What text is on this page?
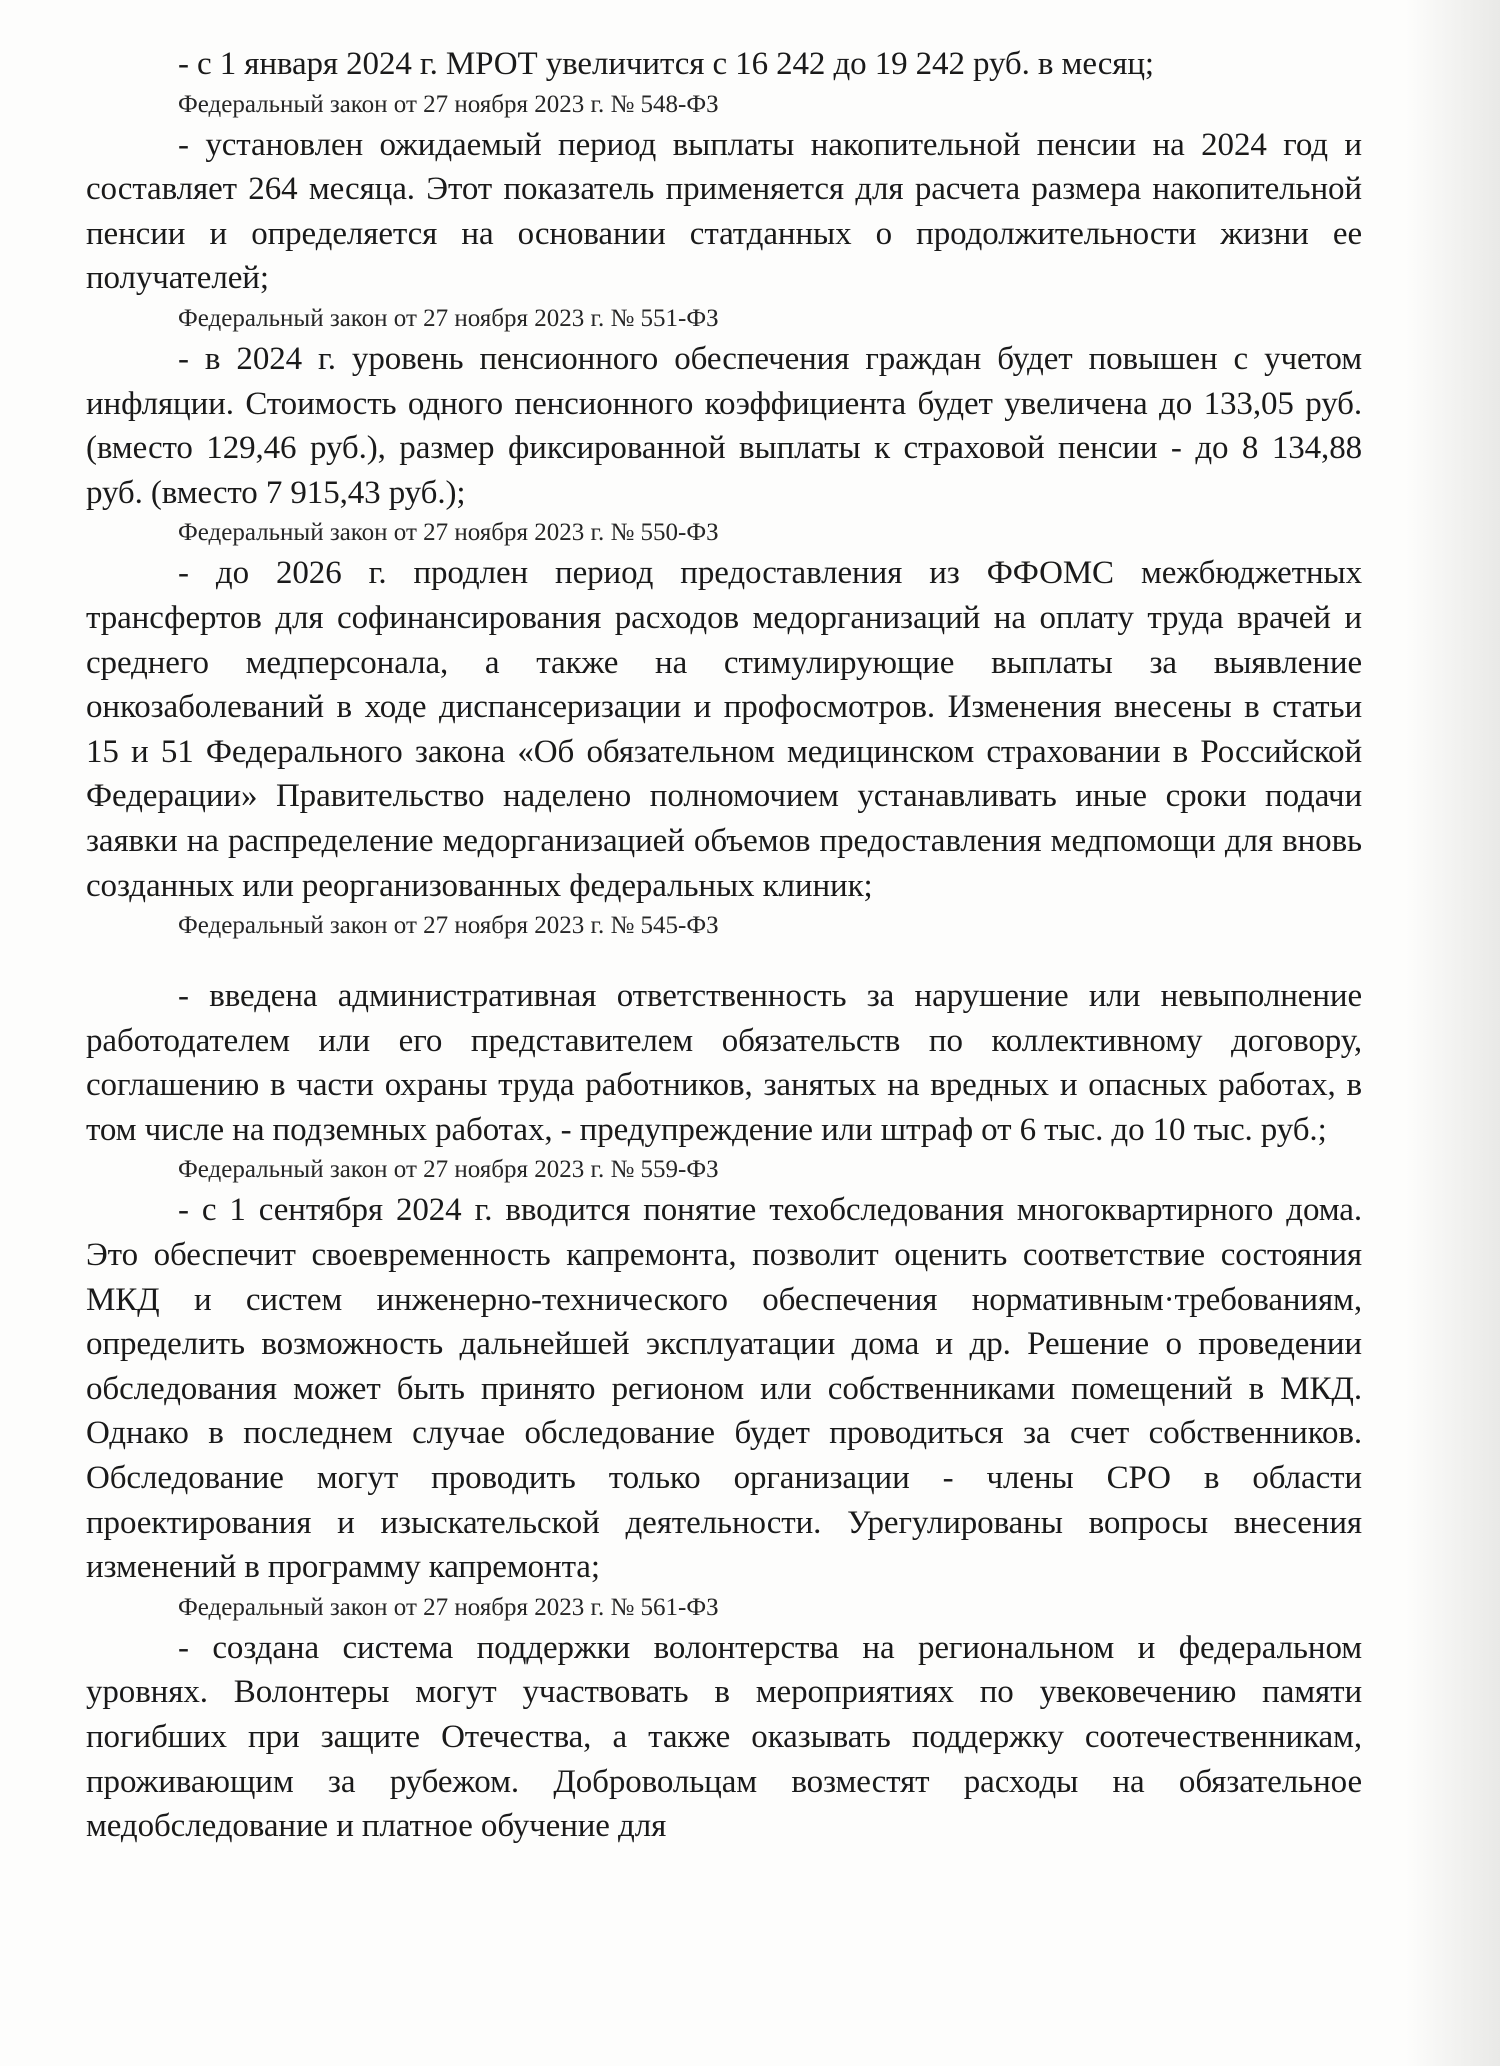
- с 1 января 2024 г. МРОТ увеличится с 16 242 до 19 242 руб. в месяц;

Федеральный закон от 27 ноября 2023 г. № 548-ФЗ

- установлен ожидаемый период выплаты накопительной пенсии на 2024 год и составляет 264 месяца. Этот показатель применяется для расчета размера накопительной пенсии и определяется на основании статданных о продолжительности жизни ее получателей;

Федеральный закон от 27 ноября 2023 г. № 551-ФЗ

- в 2024 г. уровень пенсионного обеспечения граждан будет повышен с учетом инфляции. Стоимость одного пенсионного коэффициента будет увеличена до 133,05 руб. (вместо 129,46 руб.), размер фиксированной выплаты к страховой пенсии - до 8 134,88 руб. (вместо 7 915,43 руб.);

Федеральный закон от 27 ноября 2023 г. № 550-ФЗ

- до 2026 г. продлен период предоставления из ФФОМС межбюджетных трансфертов для софинансирования расходов медорганизаций на оплату труда врачей и среднего медперсонала, а также на стимулирующие выплаты за выявление онкозаболеваний в ходе диспансеризации и профосмотров. Изменения внесены в статьи 15 и 51 Федерального закона «Об обязательном медицинском страховании в Российской Федерации» Правительство наделено полномочием устанавливать иные сроки подачи заявки на распределение медорганизацией объемов предоставления медпомощи для вновь созданных или реорганизованных федеральных клиник;

Федеральный закон от 27 ноября 2023 г. № 545-ФЗ

- введена административная ответственность за нарушение или невыполнение работодателем или его представителем обязательств по коллективному договору, соглашению в части охраны труда работников, занятых на вредных и опасных работах, в том числе на подземных работах, - предупреждение или штраф от 6 тыс. до 10 тыс. руб.;

Федеральный закон от 27 ноября 2023 г. № 559-ФЗ

- с 1 сентября 2024 г. вводится понятие техобследования многоквартирного дома. Это обеспечит своевременность капремонта, позволит оценить соответствие состояния МКД и систем инженерно-технического обеспечения нормативным·требованиям, определить возможность дальнейшей эксплуатации дома и др. Решение о проведении обследования может быть принято регионом или собственниками помещений в МКД. Однако в последнем случае обследование будет проводиться за счет собственников. Обследование могут проводить только организации - члены СРО в области проектирования и изыскательской деятельности. Урегулированы вопросы внесения изменений в программу капремонта;

Федеральный закон от 27 ноября 2023 г. № 561-ФЗ

- создана система поддержки волонтерства на региональном и федеральном уровнях. Волонтеры могут участвовать в мероприятиях по увековечению памяти погибших при защите Отечества, а также оказывать поддержку соотечественникам, проживающим за рубежом. Добровольцам возместят расходы на обязательное медобследование и платное обучение для
